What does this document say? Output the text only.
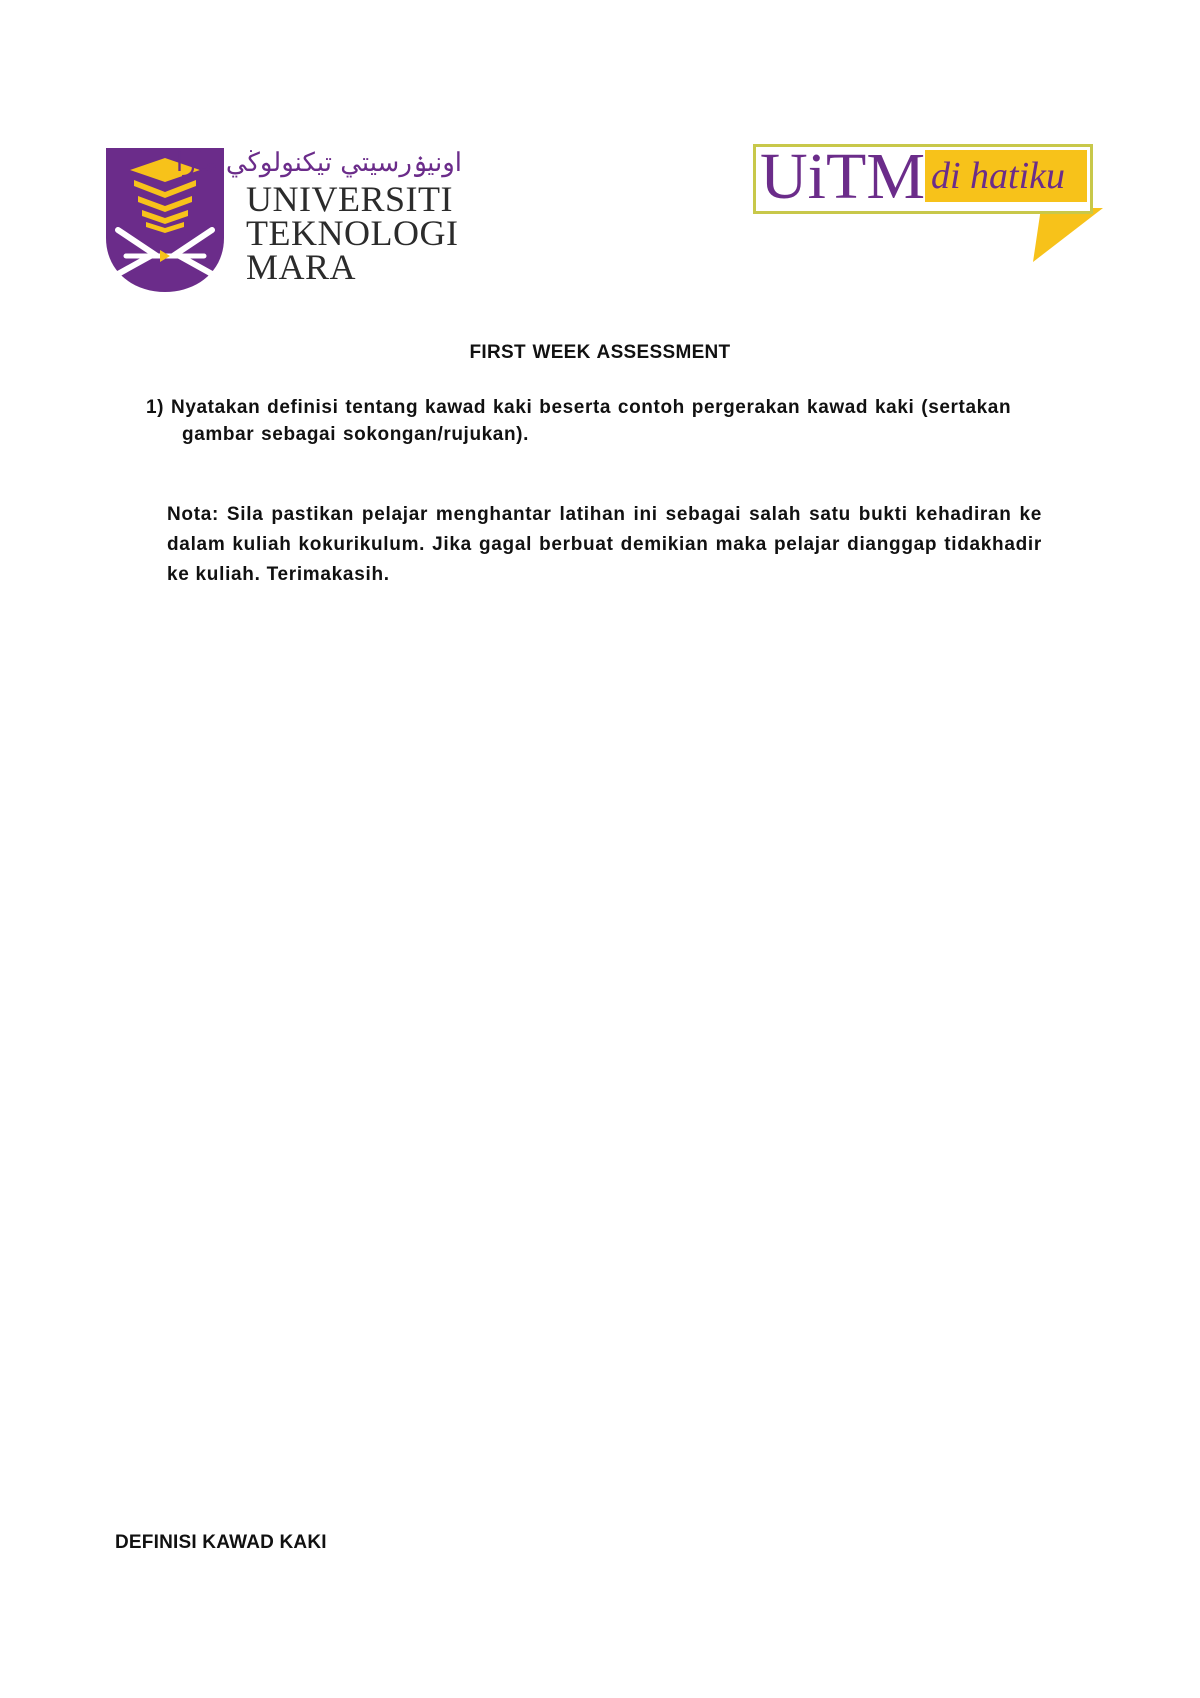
اونيۏرسيتي تيكنولوڬي مارا
UNIVERSITI
TEKNOLOGI
MARA
UiTM di hatiku
FIRST WEEK ASSESSMENT
1) Nyatakan definisi tentang kawad kaki beserta contoh pergerakan kawad kaki (sertakan
gambar sebagai sokongan/rujukan).
Nota: Sila pastikan pelajar menghantar latihan ini sebagai salah satu bukti kehadiran ke dalam kuliah kokurikulum. Jika gagal berbuat demikian maka pelajar dianggap tidakhadir ke kuliah. Terimakasih.
DEFINISI KAWAD KAKI
